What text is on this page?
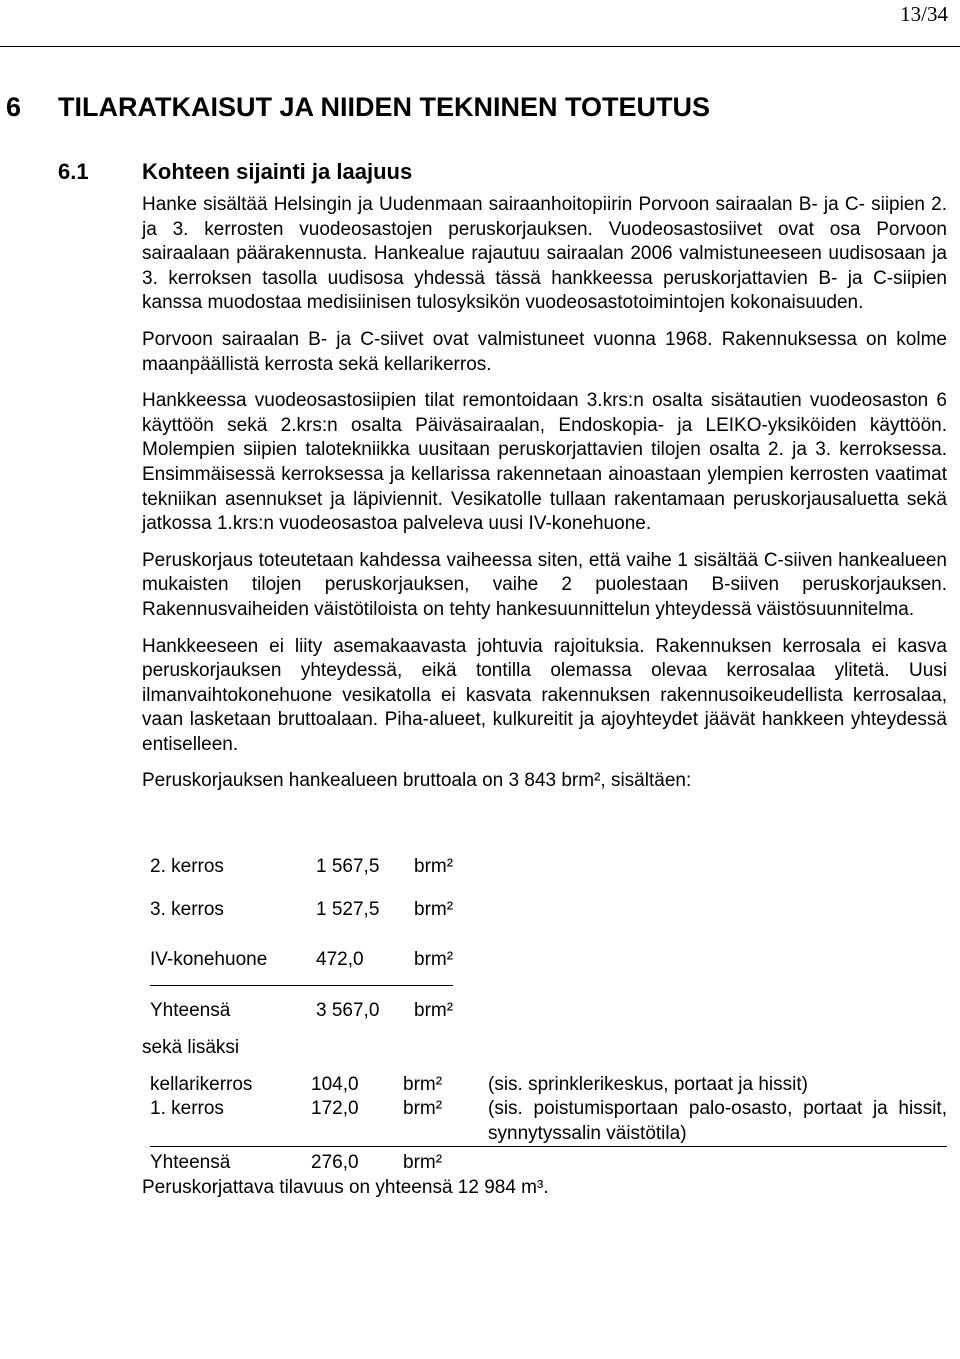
13/34
6 TILARATKAISUT JA NIIDEN TEKNINEN TOTEUTUS
6.1 Kohteen sijainti ja laajuus

Hanke sisältää Helsingin ja Uudenmaan sairaanhoitopiirin Porvoon sairaalan B- ja C- siipien 2. ja 3. kerrosten vuodeosastojen peruskorjauksen. Vuodeosastosiivet ovat osa Porvoon sairaalaan päärakennusta. Hankealue rajautuu sairaalan 2006 valmistuneeseen uudisosaan ja 3. kerroksen tasolla uudisosa yhdessä tässä hankkeessa peruskorjattavien B- ja C-siipien kanssa muodostaa medisiinisen tulosyksikön vuodeosastotoimintojen kokonaisuuden.

Porvoon sairaalan B- ja C-siivet ovat valmistuneet vuonna 1968. Rakennuksessa on kolme maanpäällistä kerrosta sekä kellarikerros.

Hankkeessa vuodeosastosiipien tilat remontoidaan 3.krs:n osalta sisätautien vuodeosaston 6 käyttöön sekä 2.krs:n osalta Päiväsairaalan, Endoskopia- ja LEIKO-yksiköiden käyttöön. Molempien siipien talotekniikka uusitaan peruskorjattavien tilojen osalta 2. ja 3. kerroksessa. Ensimmäisessä kerroksessa ja kellarissa rakennetaan ainoastaan ylempien kerrosten vaatimat tekniikan asennukset ja läpiviennit. Vesikatolle tullaan rakentamaan peruskorjausaluetta sekä jatkossa 1.krs:n vuodeosastoa palveleva uusi IV-konehuone.

Peruskorjaus toteutetaan kahdessa vaiheessa siten, että vaihe 1 sisältää C-siiven hankealueen mukaisten tilojen peruskorjauksen, vaihe 2 puolestaan B-siiven peruskorjauksen. Rakennusvaiheiden väistötiloista on tehty hankesuunnittelun yhteydessä väistösuunnitelma.

Hankkeeseen ei liity asemakaavasta johtuvia rajoituksia. Rakennuksen kerrosala ei kasva peruskorjauksen yhteydessä, eikä tontilla olemassa olevaa kerrosalaa ylitetä. Uusi ilmanvaihtokonehuone vesikatolla ei kasvata rakennuksen rakennusoikeudellista kerrosalaa, vaan lasketaan bruttoalaan. Piha-alueet, kulkureitit ja ajoyhteydet jäävät hankkeen yhteydessä entiselleen.

Peruskorjauksen hankealueen bruttoala on 3 843 brm², sisältäen:

2. kerros	1 567,5	brm²
3. kerros	1 527,5	brm²
IV-konehuone	472,0	brm²
Yhteensä	3 567,0	brm²

sekä lisäksi

kellarikerros	104,0	brm²	(sis. sprinklerikeskus, portaat ja hissit)
1. kerros	172,0	brm²	(sis. poistumisportaan palo-osasto, portaat ja hissit, synnytyssalin väistötila)
Yhteensä	276,0	brm²	

Peruskorjattava tilavuus on yhteensä 12 984 m³.
